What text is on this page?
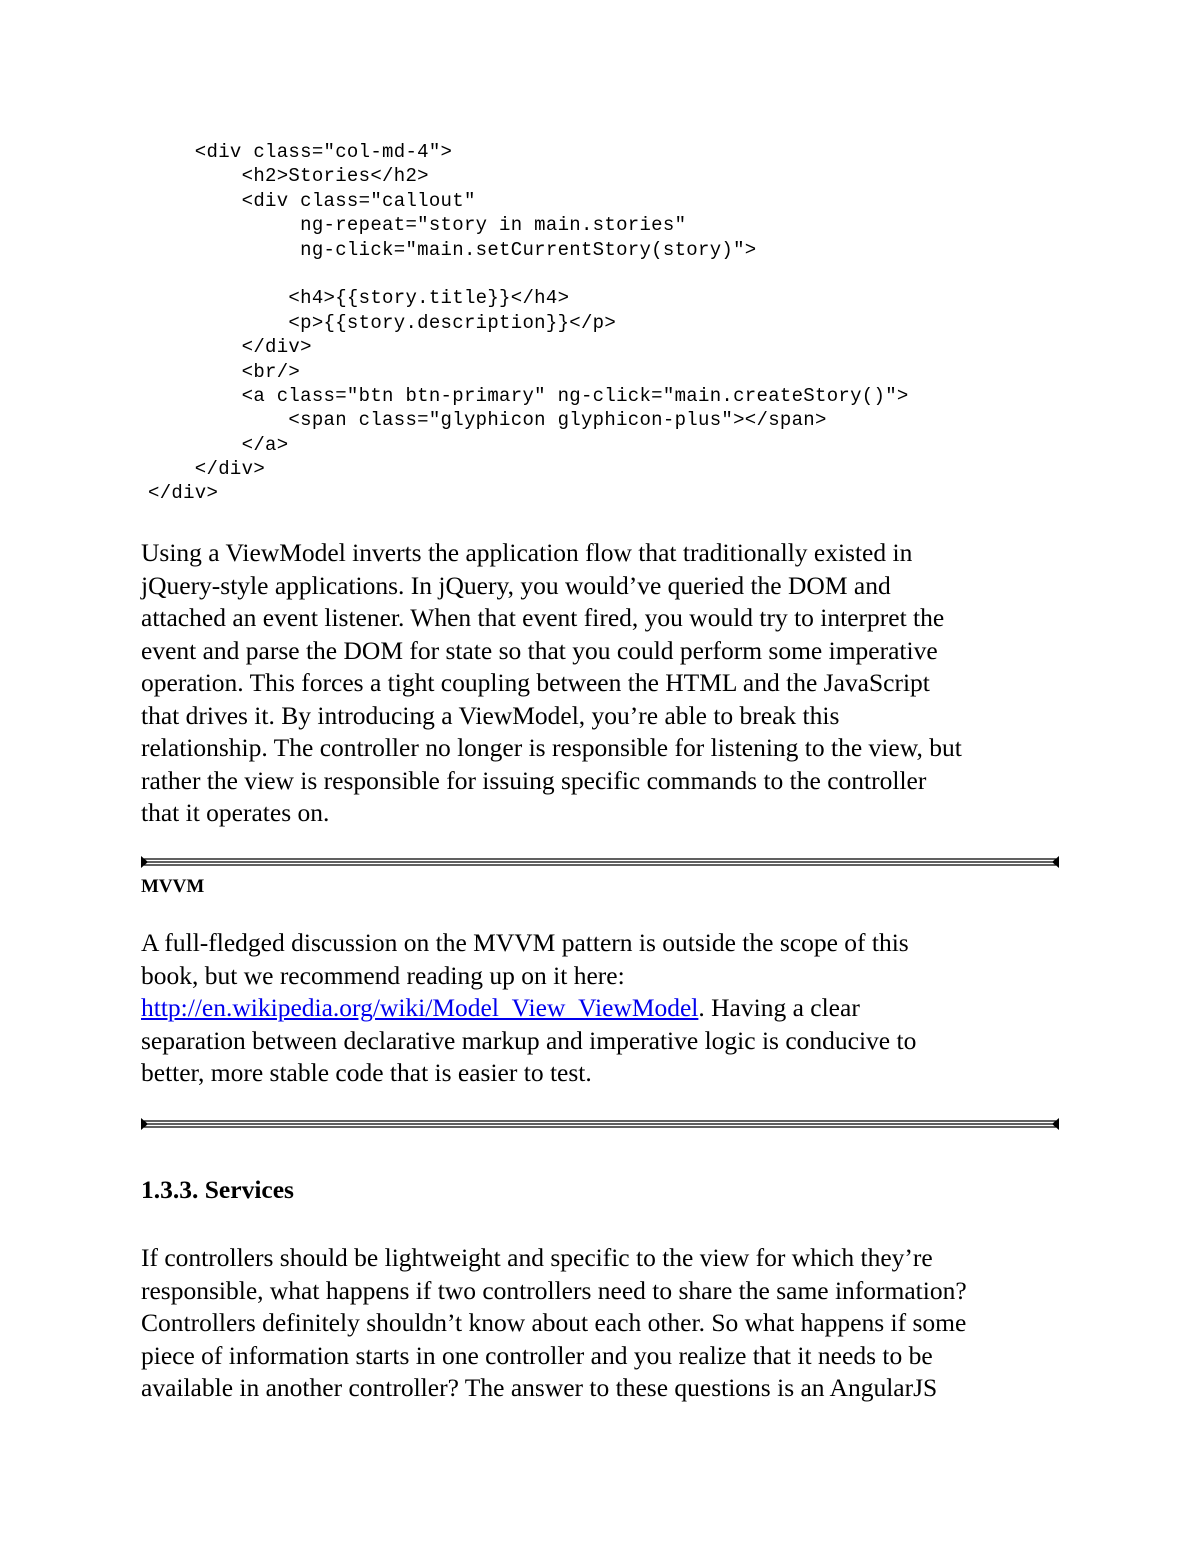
<div class="col-md-4">
<h2>Stories</h2>
<div class="callout"
ng-repeat="story in main.stories"
ng-click="main.setCurrentStory(story)">
<h4>{{story.title}}</h4>
<p>{{story.description}}</p>
</div>
<br/>
<a class="btn btn-primary" ng-click="main.createStory()">
<span class="glyphicon glyphicon-plus"></span>
</a>
</div>
</div>
Using a ViewModel inverts the application flow that traditionally existed in
jQuery-style applications. In jQuery, you would’ve queried the DOM and
attached an event listener. When that event fired, you would try to interpret the
event and parse the DOM for state so that you could perform some imperative
operation. This forces a tight coupling between the HTML and the JavaScript
that drives it. By introducing a ViewModel, you’re able to break this
relationship. The controller no longer is responsible for listening to the view, but
rather the view is responsible for issuing specific commands to the controller
that it operates on.
MVVM
A full-fledged discussion on the MVVM pattern is outside the scope of this
book, but we recommend reading up on it here:
http://en.wikipedia.org/wiki/Model_View_ViewModel. Having a clear
separation between declarative markup and imperative logic is conducive to
better, more stable code that is easier to test.
1.3.3. Services
If controllers should be lightweight and specific to the view for which they’re
responsible, what happens if two controllers need to share the same information?
Controllers definitely shouldn’t know about each other. So what happens if some
piece of information starts in one controller and you realize that it needs to be
available in another controller? The answer to these questions is an AngularJS
